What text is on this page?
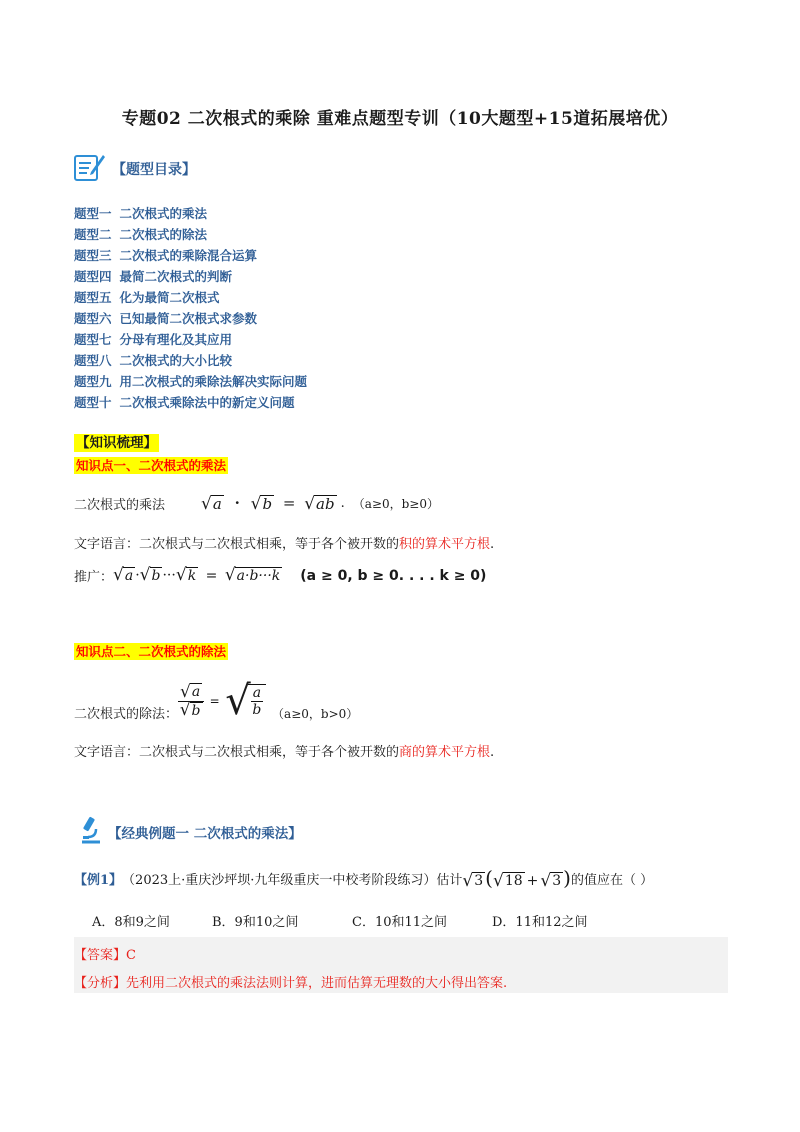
专题02 二次根式的乘除 重难点题型专训（10大题型+15道拓展培优）
【题型目录】
题型一 二次根式的乘法
题型二 二次根式的除法
题型三 二次根式的乘除混合运算
题型四 最简二次根式的判断
题型五 化为最简二次根式
题型六 已知最简二次根式求参数
题型七 分母有理化及其应用
题型八 二次根式的大小比较
题型九 用二次根式的乘除法解决实际问题
题型十 二次根式乘除法中的新定义问题
【知识梳理】
知识点一、二次根式的乘法
二次根式的乘法 √ a · √ b = √ ab . （a≥0，b≥0）
文字语言：二次根式与二次根式相乘，等于各个被开数的积的算术平方根.
推广： √ a · √ b ··· √ k = √ a·b···k (a ≥ 0, b ≥ 0. . . . k ≥ 0)
知识点二、二次根式的除法
二次根式的除法： $\frac{√ a}{√ b}$ = √ $\frac{a}{b} (a\ge 0$，b>0）
文字语言：二次根式与二次根式相乘，等于各个被开数的商的算术平方根.
【经典例题一 二次根式的乘法】
【例1】 （2023上·重庆沙坪坝·九年级重庆一中校考阶段练习）估计 √ 3 ( √ 18 + √ 3 ) 的值应在（ ）
A．8和9之间	B．9和10之间	C．10和11之间	D．11和12之间
【答案】C
【分析】先利用二次根式的乘法法则计算，进而估算无理数的大小得出答案.
